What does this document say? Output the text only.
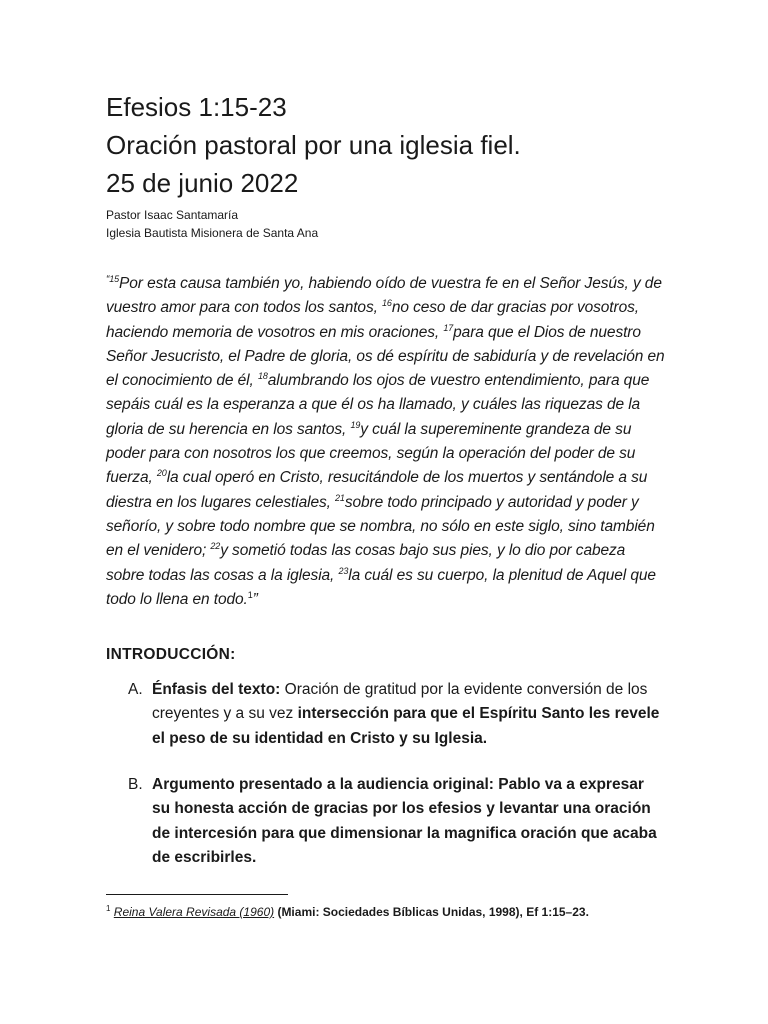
Efesios 1:15-23
Oración pastoral por una iglesia fiel.
25 de junio 2022
Pastor Isaac Santamaría
Iglesia Bautista Misionera de Santa Ana

$^{“15}$Por esta causa también yo, habiendo oído de vuestra fe en el Señor Jesús, y de vuestro amor para con todos los santos, $^{16}$no ceso de dar gracias por vosotros, haciendo memoria de vosotros en mis oraciones, $^{17}$para que el Dios de nuestro Señor Jesucristo, el Padre de gloria, os dé espíritu de sabiduría y de revelación en el conocimiento de él, $^{18}$alumbrando los ojos de vuestro entendimiento, para que sepáis cuál es la esperanza a que él os ha llamado, y cuáles las riquezas de la gloria de su herencia en los santos, $^{19}$y cuál la supereminente grandeza de su poder para con nosotros los que creemos, según la operación del poder de su fuerza, $^{20}$la cual operó en Cristo, resucitándole de los muertos y sentándole a su diestra en los lugares celestiales, $^{21}$sobre todo principado y autoridad y poder y señorío, y sobre todo nombre que se nombra, no sólo en este siglo, sino también en el venidero; $^{22}$y sometió todas las cosas bajo sus pies, y lo dio por cabeza sobre todas las cosas a la iglesia, $^{23}$la cuál es su cuerpo, la plenitud de Aquel que todo lo llena en todo.$^1$”

INTRODUCCIÓN:
A. Énfasis del texto: Oración de gratitud por la evidente conversión de los creyentes y a su vez intersección para que el Espíritu Santo les revele el peso de su identidad en Cristo y su Iglesia.
B. Argumento presentado a la audiencia original: Pablo va a expresar su honesta acción de gracias por los efesios y levantar una oración de intercesión para que dimensionar la magnifica oración que acaba de escribirles.
$^1$ Reina Valera Revisada (1960) (Miami: Sociedades Bíblicas Unidas, 1998), Ef 1:15–23.
